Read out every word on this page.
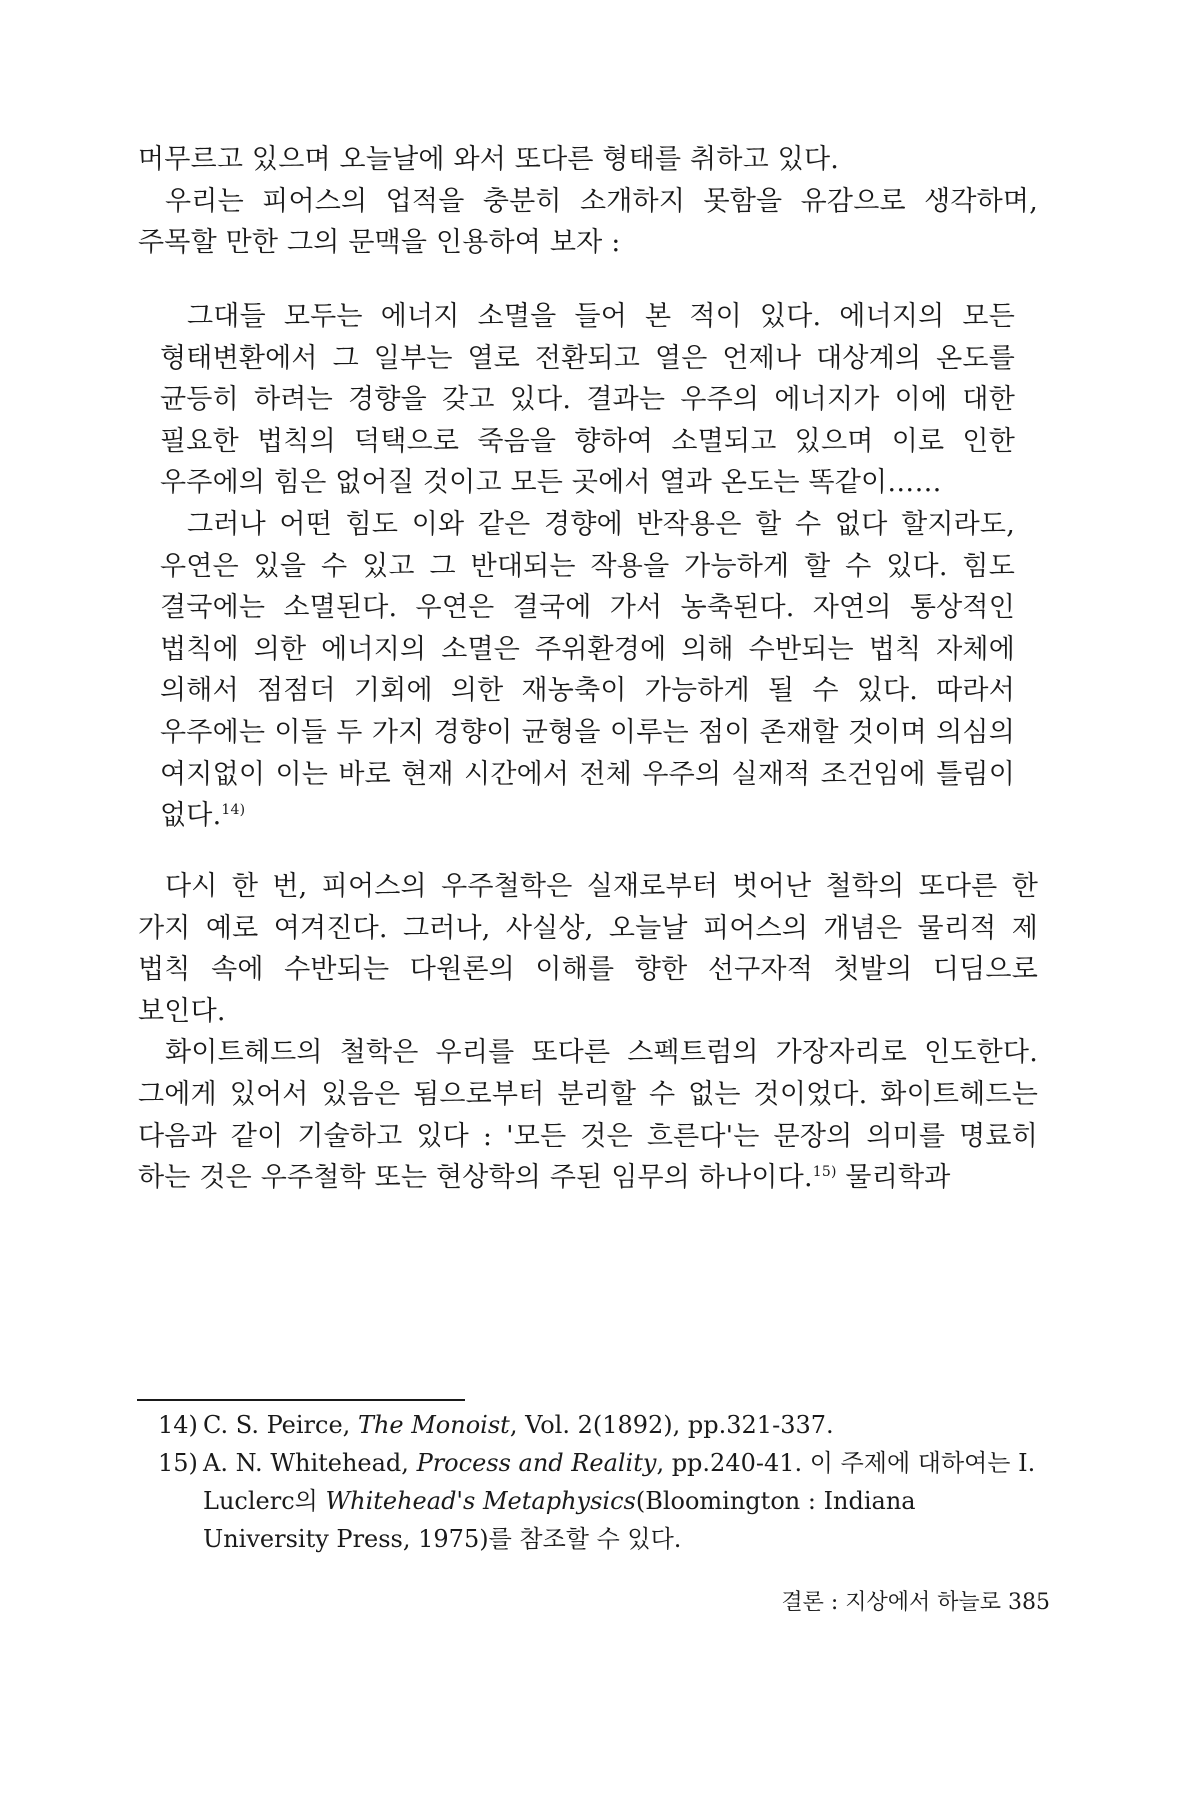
머무르고 있으며 오늘날에 와서 또다른 형태를 취하고 있다.

우리는 피어스의 업적을 충분히 소개하지 못함을 유감으로 생각하며, 주목할 만한 그의 문맥을 인용하여 보자 :

그대들 모두는 에너지 소멸을 들어 본 적이 있다. 에너지의 모든 형태변환에서 그 일부는 열로 전환되고 열은 언제나 대상계의 온도를 균등히 하려는 경향을 갖고 있다. 결과는 우주의 에너지가 이에 대한 필요한 법칙의 덕택으로 죽음을 향하여 소멸되고 있으며 이로 인한 우주에의 힘은 없어질 것이고 모든 곳에서 열과 온도는 똑같이……

그러나 어떤 힘도 이와 같은 경향에 반작용은 할 수 없다 할지라도, 우연은 있을 수 있고 그 반대되는 작용을 가능하게 할 수 있다. 힘도 결국에는 소멸된다. 우연은 결국에 가서 농축된다. 자연의 통상적인 법칙에 의한 에너지의 소멸은 주위환경에 의해 수반되는 법칙 자체에 의해서 점점더 기회에 의한 재농축이 가능하게 될 수 있다. 따라서 우주에는 이들 두 가지 경향이 균형을 이루는 점이 존재할 것이며 의심의 여지없이 이는 바로 현재 시간에서 전체 우주의 실재적 조건임에 틀림이 없다.$^{14)}$

다시 한 번, 피어스의 우주철학은 실재로부터 벗어난 철학의 또다른 한 가지 예로 여겨진다. 그러나, 사실상, 오늘날 피어스의 개념은 물리적 제 법칙 속에 수반되는 다원론의 이해를 향한 선구자적 첫발의 디딤으로 보인다.

화이트헤드의 철학은 우리를 또다른 스펙트럼의 가장자리로 인도한다. 그에게 있어서 있음은 됨으로부터 분리할 수 없는 것이었다. 화이트헤드는 다음과 같이 기술하고 있다 : '모든 것은 흐른다'는 문장의 의미를 명료히 하는 것은 우주철학 또는 현상학의 주된 임무의 하나이다.$^{15)}$ 물리학과

14) C. S. Peirce, The Monoist, Vol. 2(1892), pp.321-337.
15) A. N. Whitehead, Process and Reality, pp.240-41. 이 주제에 대하여는 I. Luclerc의 Whitehead's Metaphysics(Bloomington : Indiana University Press, 1975)를 참조할 수 있다.
결론 : 지상에서 하늘로 385
